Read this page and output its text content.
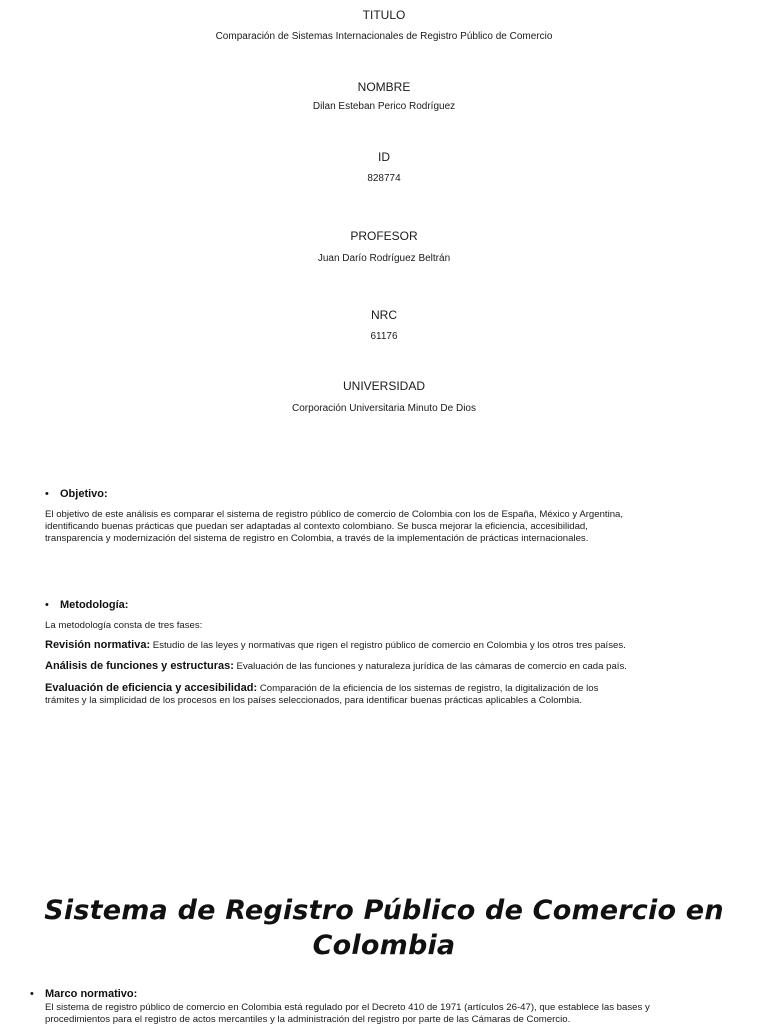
TITULO
Comparación de Sistemas Internacionales de Registro Público de Comercio
NOMBRE
Dilan Esteban Perico Rodríguez
ID
828774
PROFESOR
Juan Darío Rodríguez Beltrán
NRC
61176
UNIVERSIDAD
Corporación Universitaria Minuto De Dios
• Objetivo:
El objetivo de este análisis es comparar el sistema de registro público de comercio de Colombia con los de España, México y Argentina,
identificando buenas prácticas que puedan ser adaptadas al contexto colombiano. Se busca mejorar la eficiencia, accesibilidad,
transparencia y modernización del sistema de registro en Colombia, a través de la implementación de prácticas internacionales.
• Metodología:
La metodología consta de tres fases:
Revisión normativa: Estudio de las leyes y normativas que rigen el registro público de comercio en Colombia y los otros tres países.
Análisis de funciones y estructuras: Evaluación de las funciones y naturaleza jurídica de las cámaras de comercio en cada país.
Evaluación de eficiencia y accesibilidad: Comparación de la eficiencia de los sistemas de registro, la digitalización de los
trámites y la simplicidad de los procesos en los países seleccionados, para identificar buenas prácticas aplicables a Colombia.
Sistema de Registro Público de Comercio en
Colombia
• Marco normativo:
El sistema de registro público de comercio en Colombia está regulado por el Decreto 410 de 1971 (artículos 26-47), que establece las bases y
procedimientos para el registro de actos mercantiles y la administración del registro por parte de las Cámaras de Comercio.
